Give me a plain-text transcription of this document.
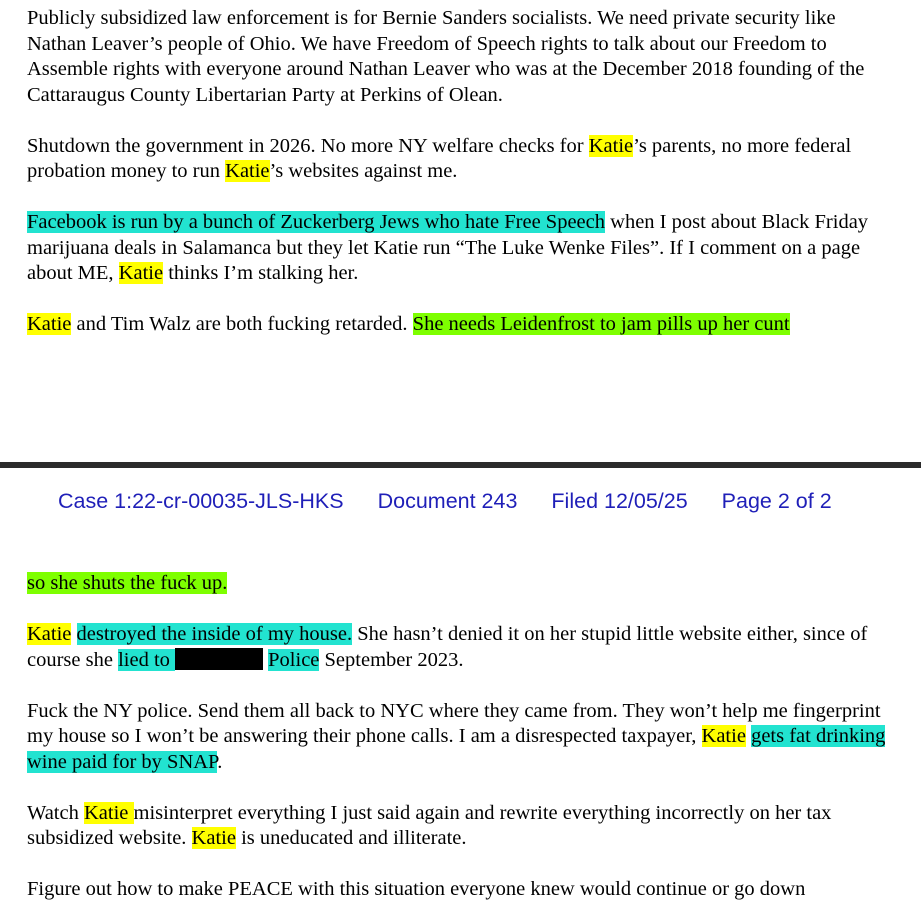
Publicly subsidized law enforcement is for Bernie Sanders socialists. We need private security like Nathan Leaver’s people of Ohio. We have Freedom of Speech rights to talk about our Freedom to Assemble rights with everyone around Nathan Leaver who was at the December 2018 founding of the Cattaraugus County Libertarian Party at Perkins of Olean.

Shutdown the government in 2026. No more NY welfare checks for Katie’s parents, no more federal probation money to run Katie’s websites against me.

Facebook is run by a bunch of Zuckerberg Jews who hate Free Speech when I post about Black Friday marijuana deals in Salamanca but they let Katie run “The Luke Wenke Files”. If I comment on a page about ME, Katie thinks I’m stalking her.

Katie and Tim Walz are both fucking retarded. She needs Leidenfrost to jam pills up her cunt

Case 1:22-cr-00035-JLS-HKS Document 243 Filed 12/05/25 Page 2 of 2

so she shuts the fuck up.

Katie destroyed the inside of my house. She hasn’t denied it on her stupid little website either, since of course she lied to	Police September 2023.

Fuck the NY police. Send them all back to NYC where they came from. They won’t help me fingerprint my house so I won’t be answering their phone calls. I am a disrespected taxpayer, Katie gets fat drinking wine paid for by SNAP.

Watch Katie misinterpret everything I just said again and rewrite everything incorrectly on her tax subsidized website. Katie is uneducated and illiterate.

Figure out how to make PEACE with this situation everyone knew would continue or go down
